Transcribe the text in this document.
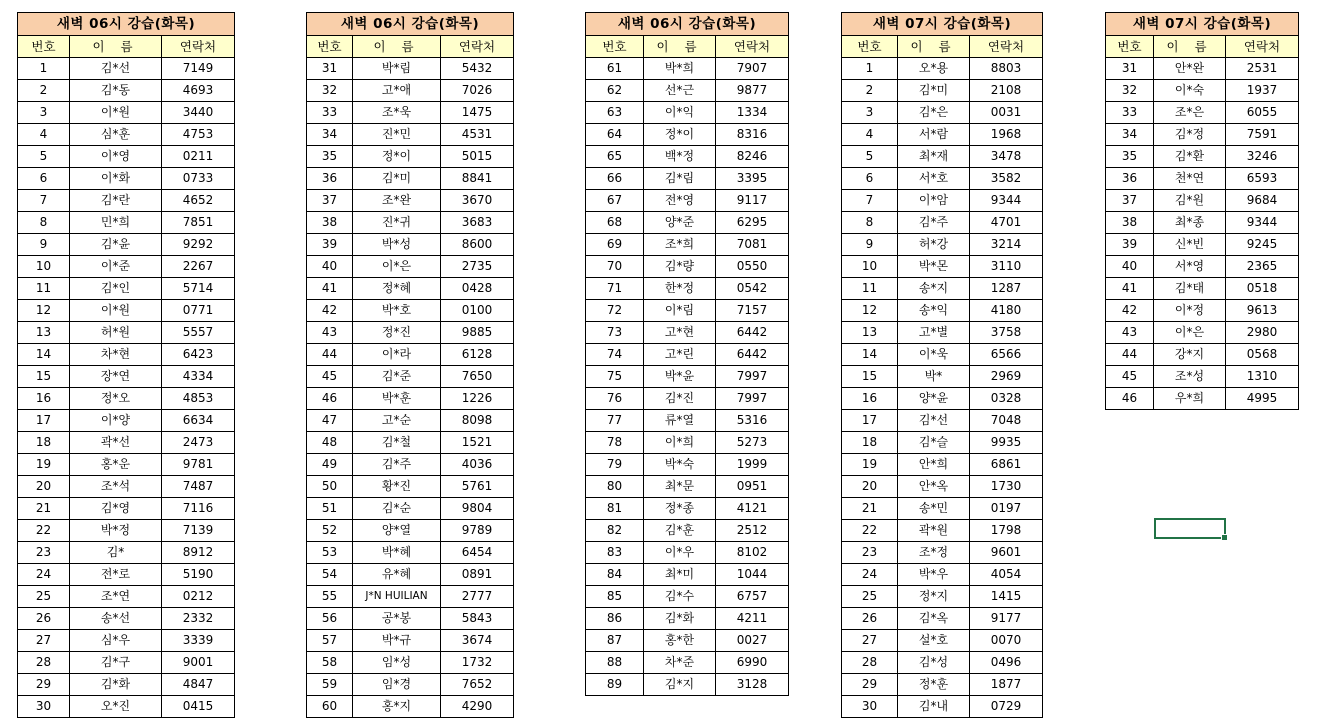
새벽 06시 강습(화목)		
번호	이 름	연락처
1	김*선	7149
2	김*동	4693
3	이*원	3440
4	심*훈	4753
5	이*영	0211
6	이*화	0733
7	김*란	4652
8	민*희	7851
9	김*윤	9292
10	이*준	2267
11	김*인	5714
12	이*원	0771
13	허*원	5557
14	차*현	6423
15	장*연	4334
16	정*오	4853
17	이*양	6634
18	곽*선	2473
19	홍*운	9781
20	조*석	7487
21	김*영	7116
22	박*정	7139
23	김*	8912
24	전*로	5190
25	조*연	0212
26	송*선	2332
27	심*우	3339
28	김*구	9001
29	김*화	4847
30	오*진	0415
새벽 06시 강습(화목)		
번호	이 름	연락처
31	박*림	5432
32	고*애	7026
33	조*욱	1475
34	진*민	4531
35	정*이	5015
36	김*미	8841
37	조*완	3670
38	진*귀	3683
39	박*성	8600
40	이*은	2735
41	정*혜	0428
42	박*호	0100
43	정*진	9885
44	이*라	6128
45	김*준	7650
46	박*훈	1226
47	고*순	8098
48	김*철	1521
49	김*주	4036
50	황*진	5761
51	김*순	9804
52	양*열	9789
53	박*혜	6454
54	유*혜	0891
55	J*N HUILIAN	2777
56	공*봉	5843
57	박*규	3674
58	임*성	1732
59	임*경	7652
60	홍*지	4290
새벽 06시 강습(화목)		
번호	이 름	연락처
61	박*희	7907
62	선*근	9877
63	이*익	1334
64	정*이	8316
65	백*정	8246
66	김*림	3395
67	전*영	9117
68	양*준	6295
69	조*희	7081
70	김*량	0550
71	한*정	0542
72	이*림	7157
73	고*현	6442
74	고*린	6442
75	박*윤	7997
76	김*진	7997
77	류*열	5316
78	이*희	5273
79	박*숙	1999
80	최*문	0951
81	정*종	4121
82	김*훈	2512
83	이*우	8102
84	최*미	1044
85	김*수	6757
86	김*화	4211
87	홍*한	0027
88	차*준	6990
89	김*지	3128
새벽 07시 강습(화목)		
번호	이 름	연락처
1	오*용	8803
2	김*미	2108
3	김*은	0031
4	서*람	1968
5	최*재	3478
6	서*호	3582
7	이*암	9344
8	김*주	4701
9	허*강	3214
10	박*몬	3110
11	송*지	1287
12	송*익	4180
13	고*별	3758
14	이*욱	6566
15	박*	2969
16	양*윤	0328
17	김*선	7048
18	김*슬	9935
19	안*희	6861
20	안*옥	1730
21	송*민	0197
22	곽*원	1798
23	조*정	9601
24	박*우	4054
25	정*지	1415
26	김*옥	9177
27	설*호	0070
28	김*성	0496
29	정*훈	1877
30	김*내	0729
새벽 07시 강습(화목)		
번호	이 름	연락처
31	안*완	2531
32	이*숙	1937
33	조*은	6055
34	김*정	7591
35	김*환	3246
36	천*연	6593
37	김*원	9684
38	최*종	9344
39	신*빈	9245
40	서*영	2365
41	김*태	0518
42	이*정	9613
43	이*은	2980
44	강*지	0568
45	조*성	1310
46	우*희	4995
